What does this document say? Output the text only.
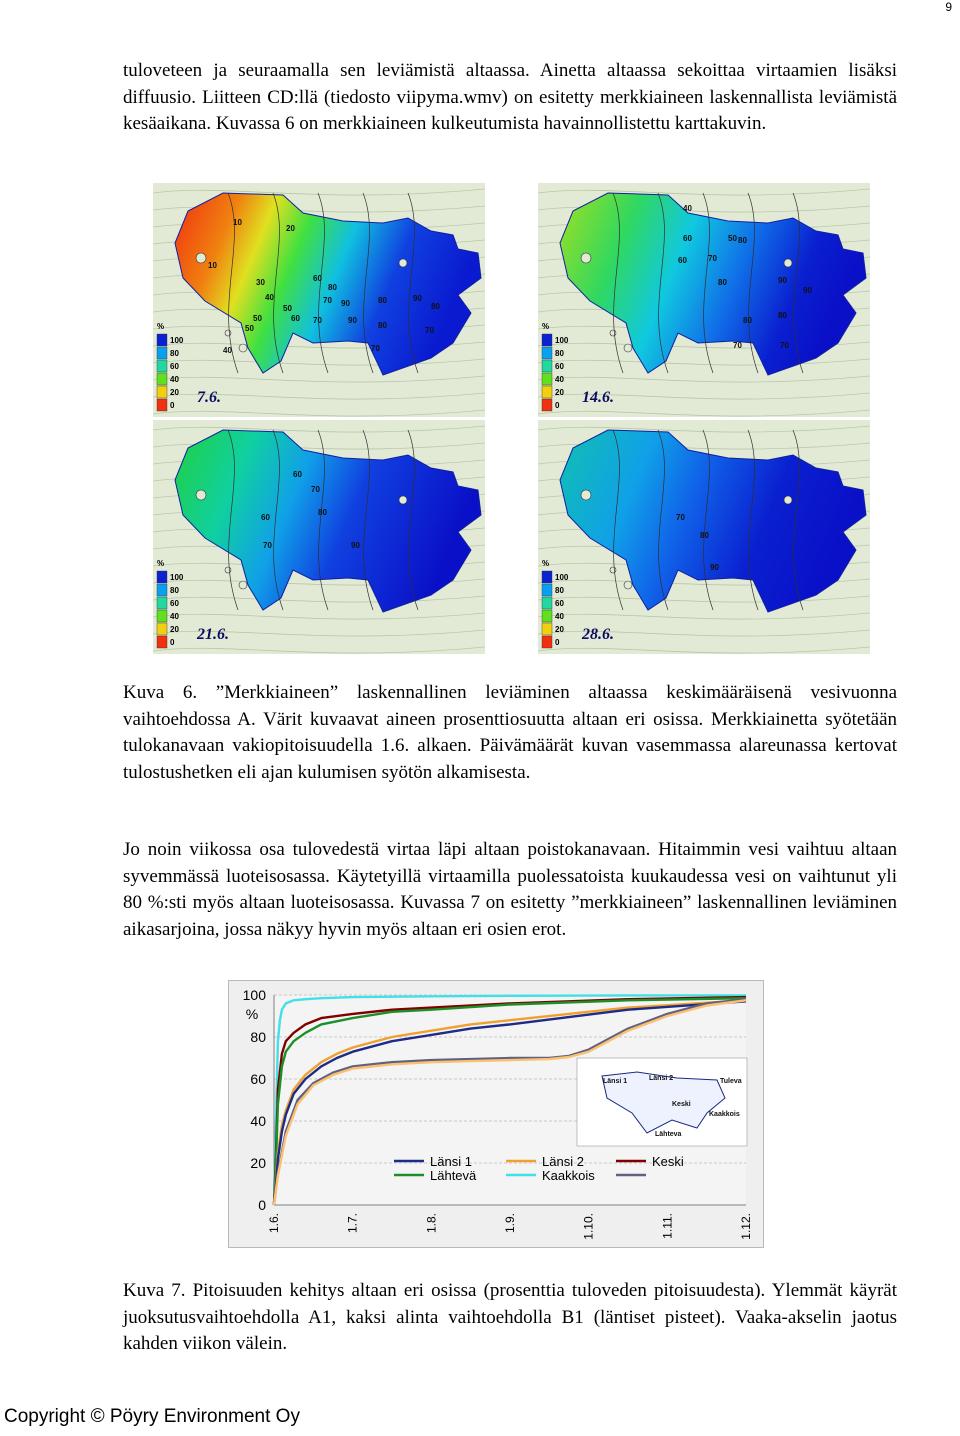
9

tuloveteen ja seuraamalla sen leviämistä altaassa. Ainetta altaassa sekoittaa virtaamien lisäksi diffuusio. Liitteen CD:llä (tiedosto viipyma.wmv) on esitetty merkkiaineen laskennallista leviämistä kesäaikana. Kuvassa 6 on merkkiaineen kulkeutumista havainnollistettu karttakuvin.

10
20
10
30
40
50
60
70
80
90
90
80	90
80
70
80
70
70
40
50
50
60
%
100
80
60
40
20
0 7.6.
40
60	50 80
70
60
80	90
90
80
80
70	70
%
100
80
60
40
20
0 14.6.
60
70
60
80
70	90
%
100
80
60
40
20
0 21.6.
70
80
90
%
100
80
60
40
20
0 28.6.

Kuva 6. ”Merkkiaineen” laskennallinen leviäminen altaassa keskimääräisenä vesivuonna vaihtoehdossa A. Värit kuvaavat aineen prosenttiosuutta altaan eri osissa. Merkkiainetta syötetään tulokanavaan vakiopitoisuudella 1.6. alkaen. Päivämäärät kuvan vasemmassa alareunassa kertovat tulostushetken eli ajan kulumisen syötön alkamisesta.

Jo noin viikossa osa tulovedestä virtaa läpi altaan poistokanavaan. Hitaimmin vesi vaihtuu altaan syvemmässä luoteisosassa. Käytetyillä virtaamilla puolessatoista kuukaudessa vesi on vaihtunut yli 80 %:sti myös altaan luoteisosassa. Kuvassa 7 on esitetty ”merkkiaineen” laskennallinen leviäminen aikasarjoina, jossa näkyy hyvin myös altaan eri osien erot.

100
80
60
40
20
0
%
1.6.	1.7.	1.8.	1.9.	1.10.	1.11.	1.12.
Länsi 1	Länsi 2
Keski
Lähteva
Kaakkois
Tuleva
Länsi 1	Länsi 2	Keski
Lähtevä	Kaakkois

Kuva 7. Pitoisuuden kehitys altaan eri osissa (prosenttia tuloveden pitoisuudesta). Ylemmät käyrät juoksutusvaihtoehdolla A1, kaksi alinta vaihtoehdolla B1 (läntiset pisteet). Vaaka-akselin jaotus kahden viikon välein.

Copyright © Pöyry Environment Oy
